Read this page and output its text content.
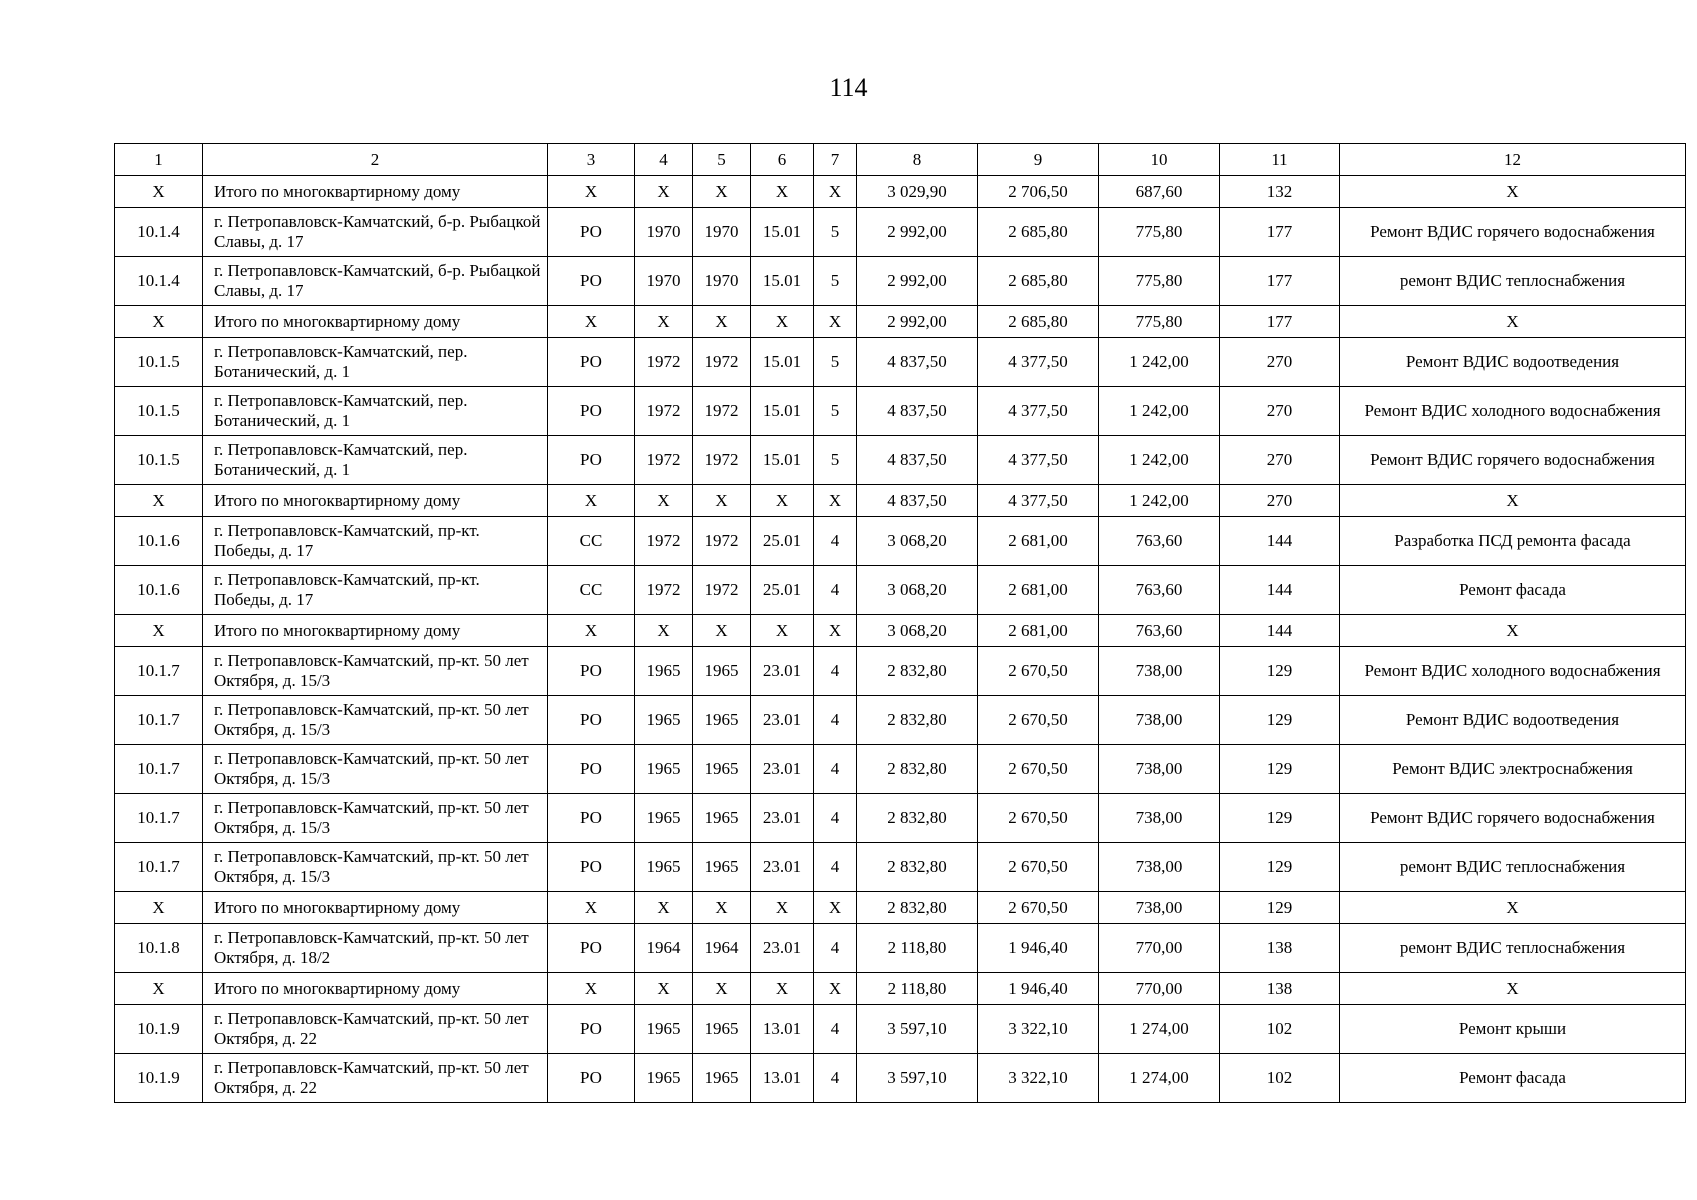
114
1	2	3	4	5	6	7	8	9	10	11	12
X	Итого по многоквартирному дому	X	X	X	X	X	3 029,90	2 706,50	687,60	132	X
10.1.4	г. Петропавловск-Камчатский, б-р. Рыбацкой Славы, д. 17	РО	1970	1970	15.01	5	2 992,00	2 685,80	775,80	177	Ремонт ВДИС горячего водоснабжения
10.1.4	г. Петропавловск-Камчатский, б-р. Рыбацкой Славы, д. 17	РО	1970	1970	15.01	5	2 992,00	2 685,80	775,80	177	ремонт ВДИС теплоснабжения
X	Итого по многоквартирному дому	X	X	X	X	X	2 992,00	2 685,80	775,80	177	X
10.1.5	г. Петропавловск-Камчатский, пер. Ботанический, д. 1	РО	1972	1972	15.01	5	4 837,50	4 377,50	1 242,00	270	Ремонт ВДИС водоотведения
10.1.5	г. Петропавловск-Камчатский, пер. Ботанический, д. 1	РО	1972	1972	15.01	5	4 837,50	4 377,50	1 242,00	270	Ремонт ВДИС холодного водоснабжения
10.1.5	г. Петропавловск-Камчатский, пер. Ботанический, д. 1	РО	1972	1972	15.01	5	4 837,50	4 377,50	1 242,00	270	Ремонт ВДИС горячего водоснабжения
X	Итого по многоквартирному дому	X	X	X	X	X	4 837,50	4 377,50	1 242,00	270	X
10.1.6	г. Петропавловск-Камчатский, пр-кт. Победы, д. 17	СС	1972	1972	25.01	4	3 068,20	2 681,00	763,60	144	Разработка ПСД ремонта фасада
10.1.6	г. Петропавловск-Камчатский, пр-кт. Победы, д. 17	СС	1972	1972	25.01	4	3 068,20	2 681,00	763,60	144	Ремонт фасада
X	Итого по многоквартирному дому	X	X	X	X	X	3 068,20	2 681,00	763,60	144	X
10.1.7	г. Петропавловск-Камчатский, пр-кт. 50 лет Октября, д. 15/3	РО	1965	1965	23.01	4	2 832,80	2 670,50	738,00	129	Ремонт ВДИС холодного водоснабжения
10.1.7	г. Петропавловск-Камчатский, пр-кт. 50 лет Октября, д. 15/3	РО	1965	1965	23.01	4	2 832,80	2 670,50	738,00	129	Ремонт ВДИС водоотведения
10.1.7	г. Петропавловск-Камчатский, пр-кт. 50 лет Октября, д. 15/3	РО	1965	1965	23.01	4	2 832,80	2 670,50	738,00	129	Ремонт ВДИС электроснабжения
10.1.7	г. Петропавловск-Камчатский, пр-кт. 50 лет Октября, д. 15/3	РО	1965	1965	23.01	4	2 832,80	2 670,50	738,00	129	Ремонт ВДИС горячего водоснабжения
10.1.7	г. Петропавловск-Камчатский, пр-кт. 50 лет Октября, д. 15/3	РО	1965	1965	23.01	4	2 832,80	2 670,50	738,00	129	ремонт ВДИС теплоснабжения
X	Итого по многоквартирному дому	X	X	X	X	X	2 832,80	2 670,50	738,00	129	X
10.1.8	г. Петропавловск-Камчатский, пр-кт. 50 лет Октября, д. 18/2	РО	1964	1964	23.01	4	2 118,80	1 946,40	770,00	138	ремонт ВДИС теплоснабжения
X	Итого по многоквартирному дому	X	X	X	X	X	2 118,80	1 946,40	770,00	138	X
10.1.9	г. Петропавловск-Камчатский, пр-кт. 50 лет Октября, д. 22	РО	1965	1965	13.01	4	3 597,10	3 322,10	1 274,00	102	Ремонт крыши
10.1.9	г. Петропавловск-Камчатский, пр-кт. 50 лет Октября, д. 22	РО	1965	1965	13.01	4	3 597,10	3 322,10	1 274,00	102	Ремонт фасада
